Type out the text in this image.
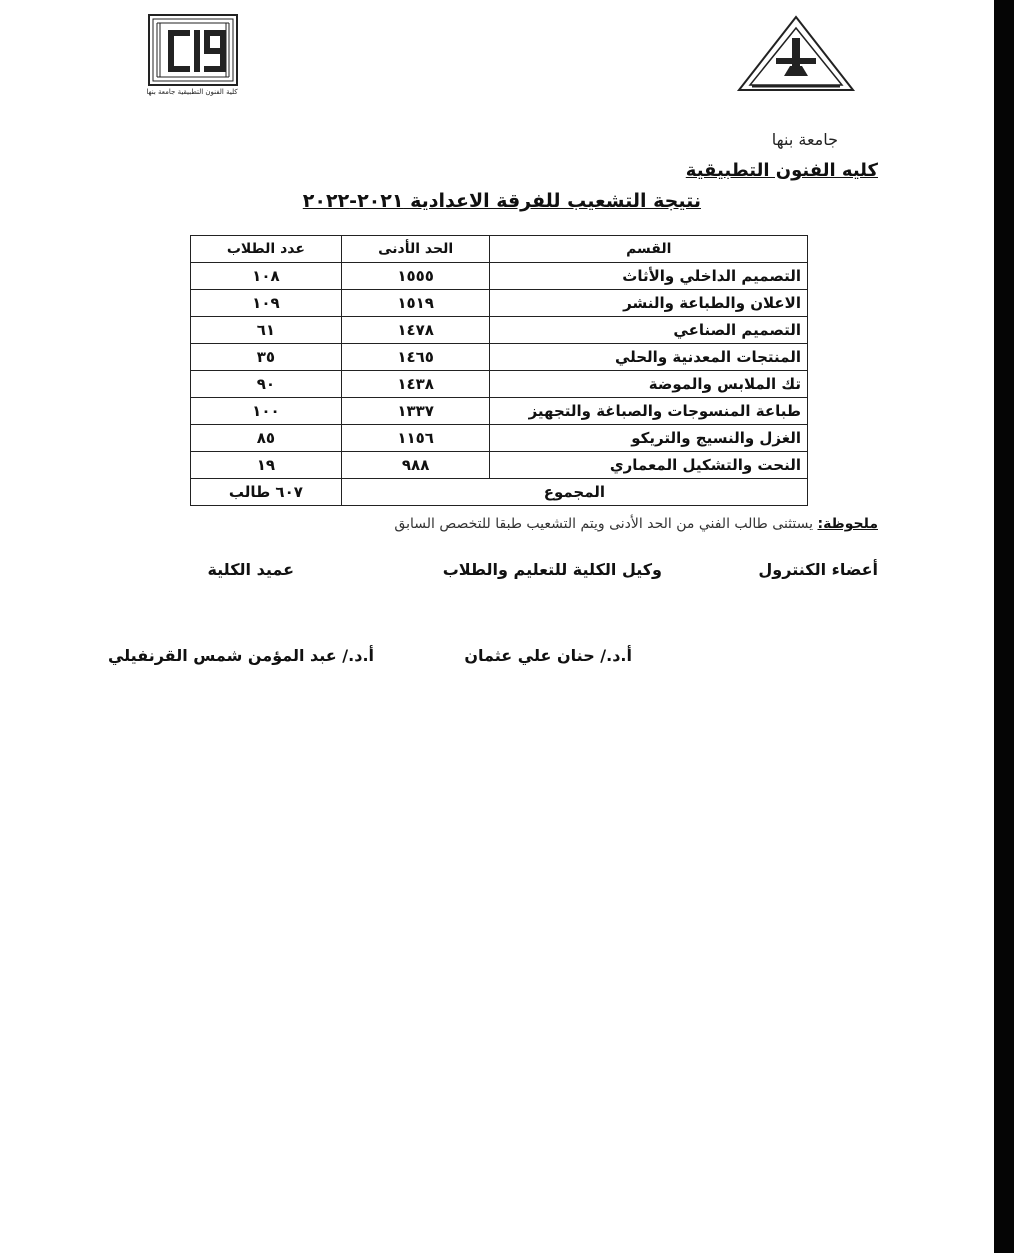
كلية الفنون التطبيقية جامعة بنها
جامعة بنها
كليه الفنون التطبيقية
نتيجة التشعيب للفرقة الاعدادية ٢٠٢١-٢٠٢٢
القسم	الحد الأدنى	عدد الطلاب
التصميم الداخلي والأثاث	١٥٥٥	١٠٨
الاعلان والطباعة والنشر	١٥١٩	١٠٩
التصميم الصناعي	١٤٧٨	٦١
المنتجات المعدنية والحلي	١٤٦٥	٣٥
تك الملابس والموضة	١٤٣٨	٩٠
طباعة المنسوجات والصباغة والتجهيز	١٣٣٧	١٠٠
الغزل والنسيج والتريكو	١١٥٦	٨٥
النحت والتشكيل المعماري	٩٨٨	١٩
المجموع		٦٠٧ طالب
ملحوظة: يستثنى طالب الفني من الحد الأدنى ويتم التشعيب طبقا للتخصص السابق
أعضاء الكنترول
وكيل الكلية للتعليم والطلاب
عميد الكلية
أ.د./ حنان علي عثمان
أ.د./ عبد المؤمن شمس القرنفيلي
